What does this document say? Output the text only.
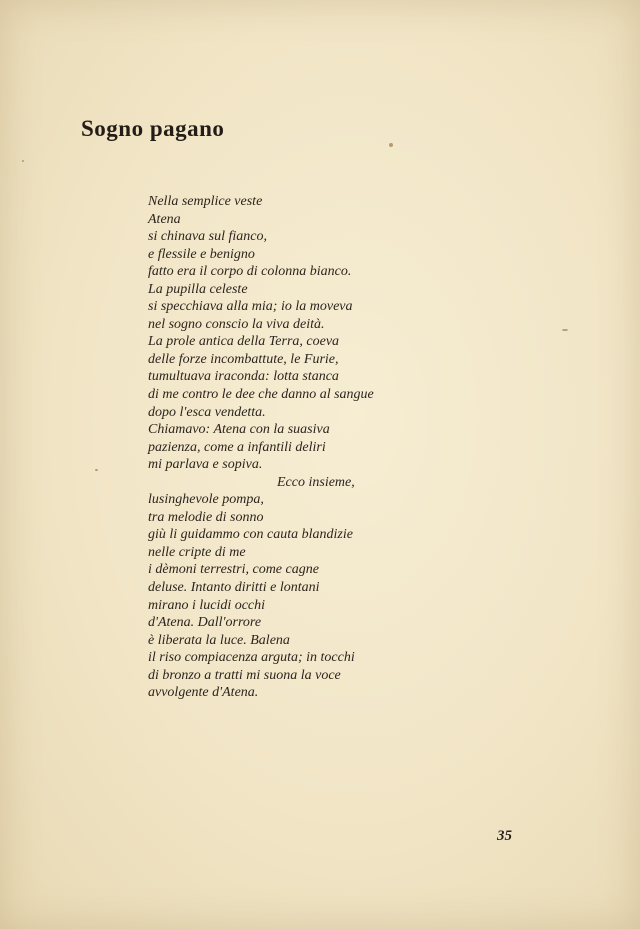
Sogno pagano
Nella semplice veste
Atena
si chinava sul fianco,
e flessile e benigno
fatto era il corpo di colonna bianco.
La pupilla celeste
si specchiava alla mia; io la moveva
nel sogno conscio la viva deità.
La prole antica della Terra, coeva
delle forze incombattute, le Furie,
tumultuava iraconda: lotta stanca
di me contro le dee che danno al sangue
dopo l'esca vendetta.
Chiamavo: Atena con la suasiva
pazienza, come a infantili deliri
mi parlava e sopiva.
Ecco insieme,
lusinghevole pompa,
tra melodie di sonno
giù li guidammo con cauta blandizie
nelle cripte di me
i dèmoni terrestri, come cagne
deluse. Intanto diritti e lontani
mirano i lucidi occhi
d'Atena. Dall'orrore
è liberata la luce. Balena
il riso compiacenza arguta; in tocchi
di bronzo a tratti mi suona la voce
avvolgente d'Atena.
35
